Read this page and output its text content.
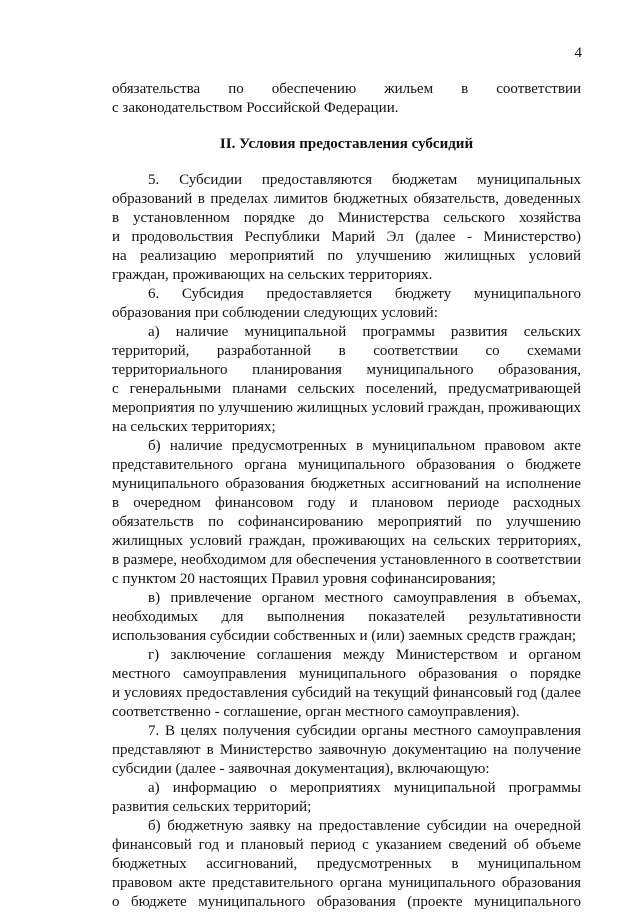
4
обязательства по обеспечению жильем в соответствии
с законодательством Российской Федерации.
II. Условия предоставления субсидий
5. Субсидии предоставляются бюджетам муниципальных
образований в пределах лимитов бюджетных обязательств, доведенных
в установленном порядке до Министерства сельского хозяйства
и продовольствия Республики Марий Эл (далее - Министерство)
на реализацию мероприятий по улучшению жилищных условий
граждан, проживающих на сельских территориях.
6. Субсидия предоставляется бюджету муниципального
образования при соблюдении следующих условий:
а) наличие муниципальной программы развития сельских
территорий, разработанной в соответствии со схемами
территориального планирования муниципального образования,
с генеральными планами сельских поселений, предусматривающей
мероприятия по улучшению жилищных условий граждан, проживающих
на сельских территориях;
б) наличие предусмотренных в муниципальном правовом акте
представительного органа муниципального образования о бюджете
муниципального образования бюджетных ассигнований на исполнение
в очередном финансовом году и плановом периоде расходных
обязательств по софинансированию мероприятий по улучшению
жилищных условий граждан, проживающих на сельских территориях,
в размере, необходимом для обеспечения установленного в соответствии
с пунктом 20 настоящих Правил уровня софинансирования;
в) привлечение органом местного самоуправления в объемах,
необходимых для выполнения показателей результативности
использования субсидии собственных и (или) заемных средств граждан;
г) заключение соглашения между Министерством и органом
местного самоуправления муниципального образования о порядке
и условиях предоставления субсидий на текущий финансовый год (далее
соответственно - соглашение, орган местного самоуправления).
7. В целях получения субсидии органы местного самоуправления
представляют в Министерство заявочную документацию на получение
субсидии (далее - заявочная документация), включающую:
а) информацию о мероприятиях муниципальной программы
развития сельских территорий;
б) бюджетную заявку на предоставление субсидии на очередной
финансовый год и плановый период с указанием сведений об объеме
бюджетных ассигнований, предусмотренных в муниципальном
правовом акте представительного органа муниципального образования
о бюджете муниципального образования (проекте муниципального
